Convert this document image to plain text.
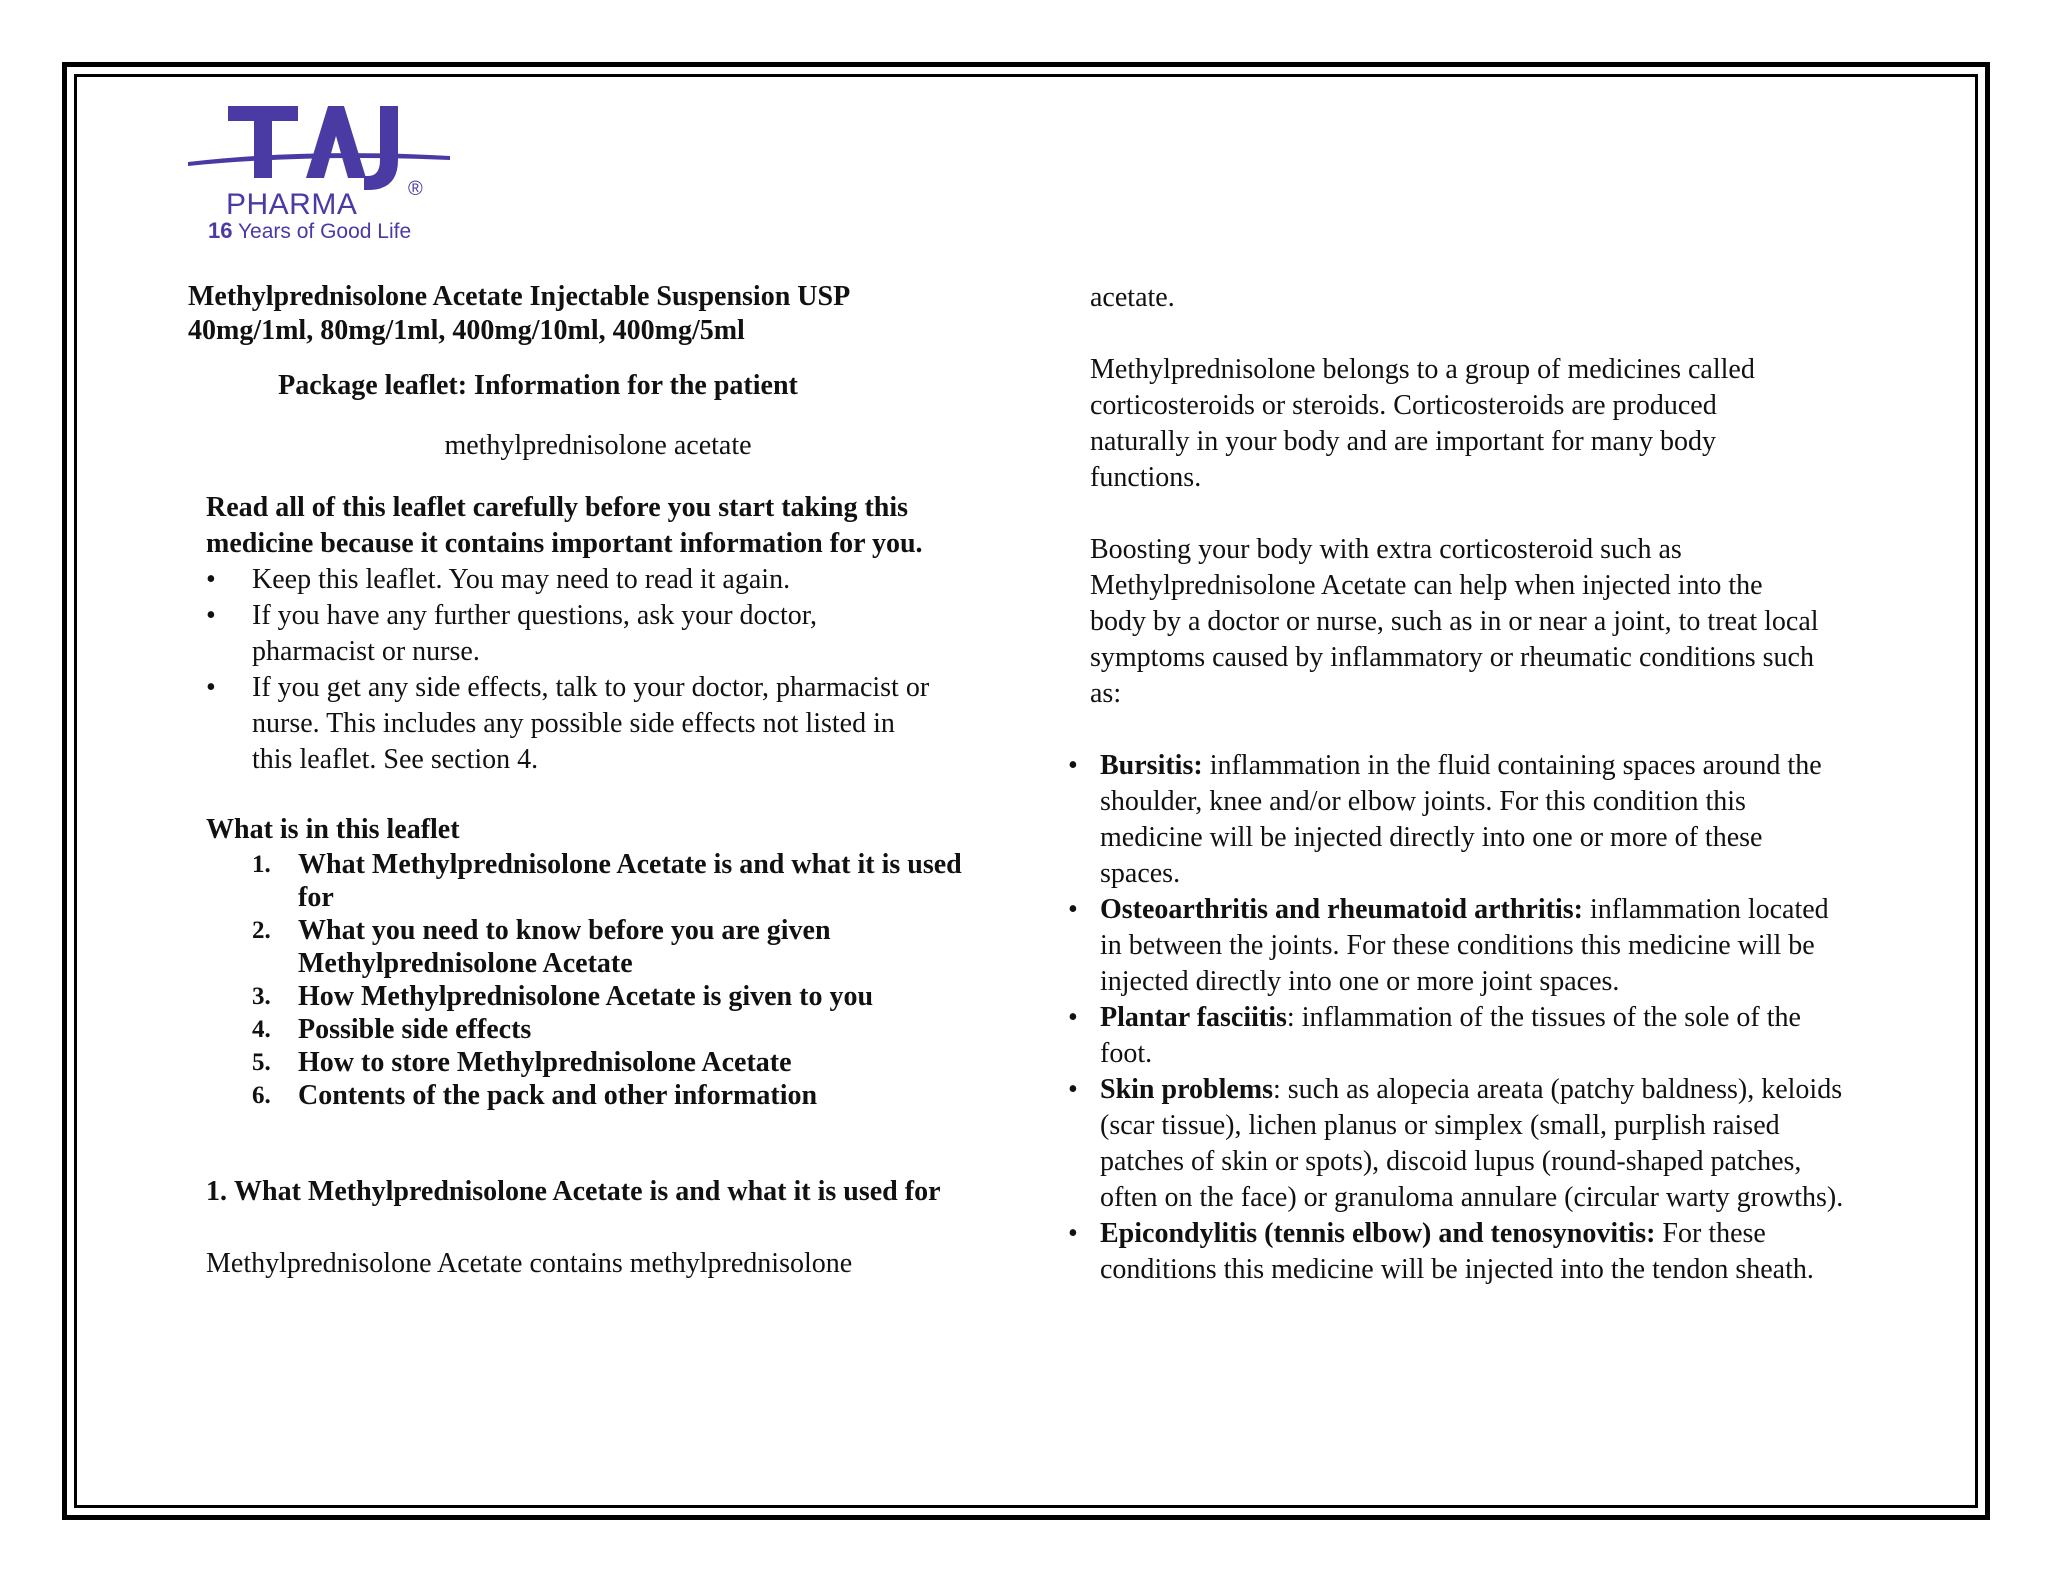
PHARMA	®
16 Years of Good Life

Methylprednisolone Acetate Injectable Suspension USP

40mg/1ml, 80mg/1ml, 400mg/10ml, 400mg/5ml

Package leaflet: Information for the patient

methylprednisolone acetate

Read all of this leaflet carefully before you start taking this medicine because it contains important information for you.

• Keep this leaflet. You may need to read it again.
• If you have any further questions, ask your doctor, pharmacist or nurse.
• If you get any side effects, talk to your doctor, pharmacist or nurse. This includes any possible side effects not listed in this leaflet. See section 4.

What is in this leaflet

1. What Methylprednisolone Acetate is and what it is used for
2. What you need to know before you are given Methylprednisolone Acetate
3. How Methylprednisolone Acetate is given to you
4. Possible side effects
5. How to store Methylprednisolone Acetate
6. Contents of the pack and other information

1. What Methylprednisolone Acetate is and what it is used for

Methylprednisolone Acetate contains methylprednisolone

acetate.

Methylprednisolone belongs to a group of medicines called corticosteroids or steroids. Corticosteroids are produced naturally in your body and are important for many body functions.

Boosting your body with extra corticosteroid such as Methylprednisolone Acetate can help when injected into the body by a doctor or nurse, such as in or near a joint, to treat local symptoms caused by inflammatory or rheumatic conditions such as:

• Bursitis: inflammation in the fluid containing spaces around the shoulder, knee and/or elbow joints. For this condition this medicine will be injected directly into one or more of these spaces.
• Osteoarthritis and rheumatoid arthritis: inflammation located in between the joints. For these conditions this medicine will be injected directly into one or more joint spaces.
• Plantar fasciitis: inflammation of the tissues of the sole of the foot.
• Skin problems: such as alopecia areata (patchy baldness), keloids (scar tissue), lichen planus or simplex (small, purplish raised patches of skin or spots), discoid lupus (round-shaped patches, often on the face) or granuloma annulare (circular warty growths).
• Epicondylitis (tennis elbow) and tenosynovitis: For these conditions this medicine will be injected into the tendon sheath.
